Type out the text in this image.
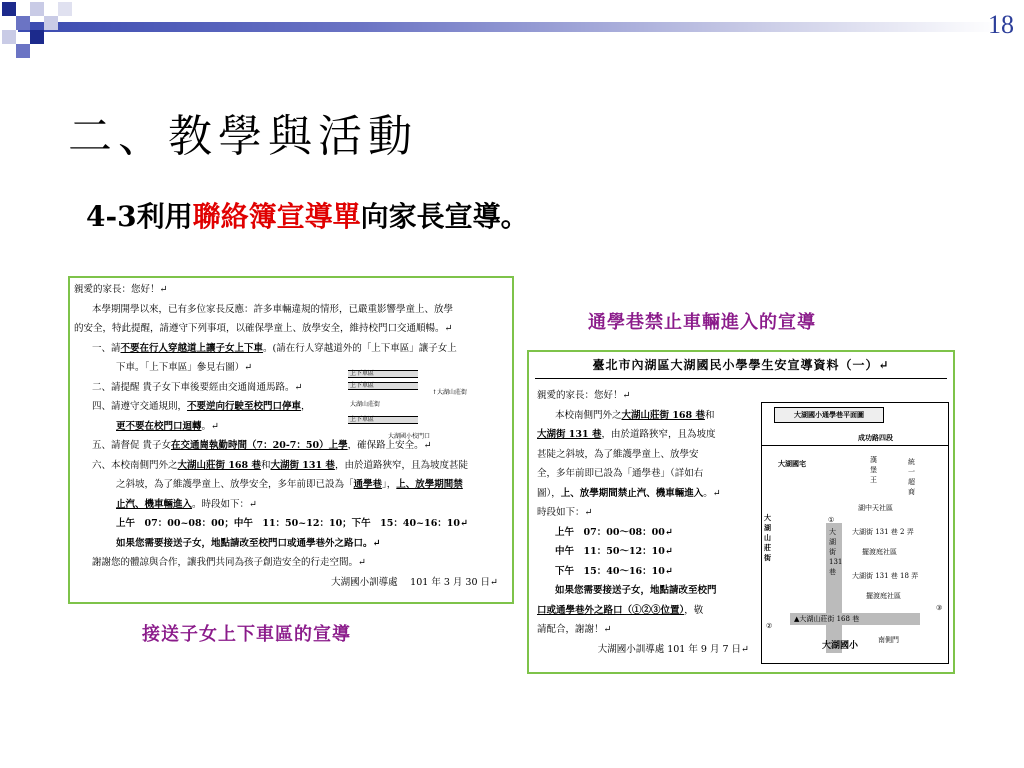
18
二、教學與活動
4-3利用聯絡簿宣導單向家長宣導。

親愛的家長：您好！↵

本學期開學以來，已有多位家長反應：許多車輛違規的情形，已嚴重影響學童上、放學

的安全，特此提醒，請遵守下列事項，以確保學童上、放學安全，維持校門口交通順暢。↵

一、請不要在行人穿越道上讓子女上下車。(請在行人穿越道外的「上下車區」讓子女上

下車。「上下車區」參見右圖）↵

二、請提醒 貴子女下車後要經由交通崗通馬路。↵

四、請遵守交通規則，不要逆向行駛至校門口停車，

更不要在校門口迴轉。↵

五、請督促 貴子女在交通崗執勤時間（7：20-7：50）上學，確保路上安全。↵

六、本校南側門外之大湖山莊街 168 巷和大湖街 131 巷，由於道路狹窄，且為坡度甚陡

之斜坡，為了維護學童上、放學安全，多年前即已設為「通學巷」，上、放學期間禁

止汽、機車輛進入。時段如下：↵

上午　07：00~08：00；中午　11：50~12：10；下午　15：40~16：10↵

如果您需要接送子女，地點請改至校門口或通學巷外之路口。↵

謝謝您的體諒與合作，讓我們共同為孩子創造安全的行走空間。↵

大湖國小訓導處　 101 年 3 月 30 日↵

上下車區
上下車區
大湖山莊街
↑大湖山莊街
上下車區
大湖國小校門口
臺北市內湖區大湖國民小學學生安宣導資料（一）↵

親愛的家長：您好！↵

本校南側門外之大湖山莊街 168 巷和

大湖街 131 巷，由於道路狹窄，且為坡度

甚陡之斜坡，為了維護學童上、放學安

全，多年前即已設為「通學巷」（詳如右

圖），上、放學期間禁止汽、機車輛進入。↵

時段如下：↵

上午　07：00～08：00↵

中午　11：50～12：10↵

下午　15：40～16：10↵

如果您需要接送子女，地點請改至校門

口或通學巷外之路口（①②③位置），敬

請配合，謝謝！↵

大湖國小訓導處 101 年 9 月 7 日↵

大湖國小通學巷平面圖
成功路四段
大湖國宅	漢堡王
統一超商
大湖山莊街
大湖街131巷
湖中天社區
大湖街 131 巷 2 弄
擺渡庭社區
大湖街 131 巷 18 弄
擺渡庭社區
▲大湖山莊街 168 巷
大湖國小
南側門
①
②
③
接送子女上下車區的宣導
通學巷禁止車輛進入的宣導
